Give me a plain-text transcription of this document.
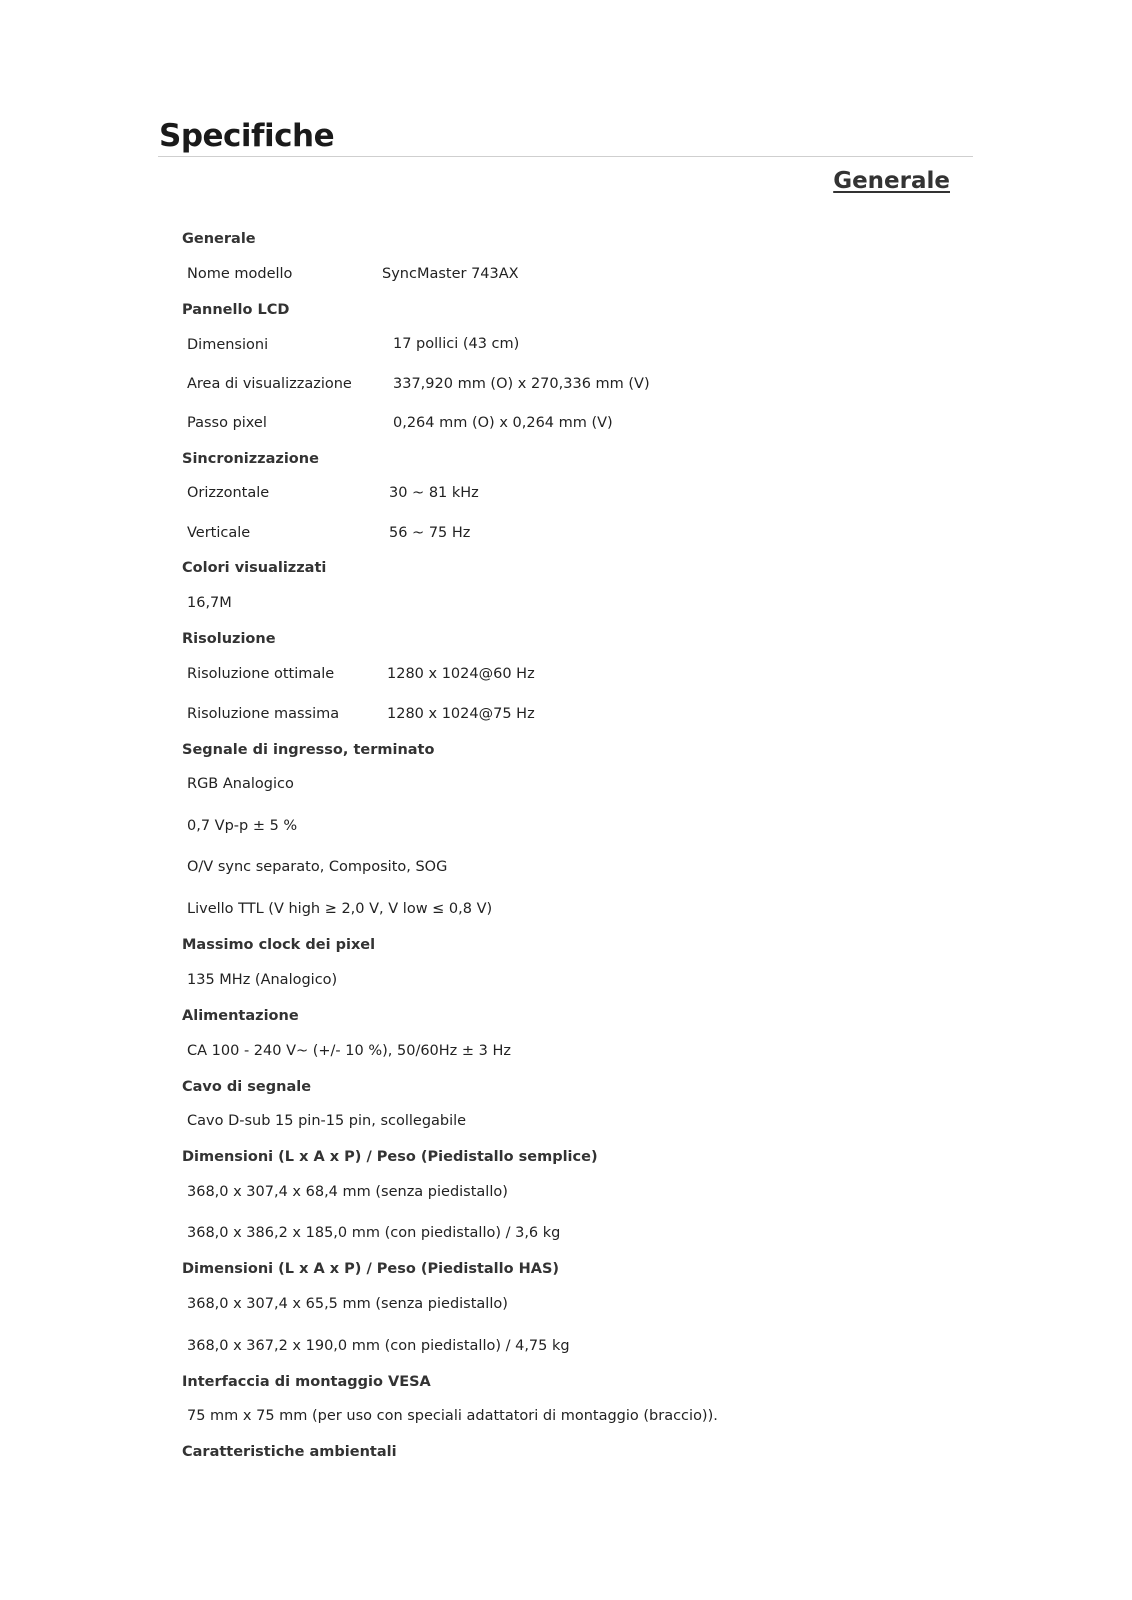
Specifiche
Generale
Generale
Nome modello	SyncMaster 743AX
Pannello LCD
Dimensioni	17 pollici (43 cm)
Area di visualizzazione	337,920 mm (O) x 270,336 mm (V)
Passo pixel	0,264 mm (O) x 0,264 mm (V)
Sincronizzazione
Orizzontale	30 ~ 81 kHz
Verticale	56 ~ 75 Hz
Colori visualizzati
16,7M
Risoluzione
Risoluzione ottimale	1280 x 1024@60 Hz
Risoluzione massima	1280 x 1024@75 Hz
Segnale di ingresso, terminato
RGB Analogico
0,7 Vp-p ± 5 %
O/V sync separato, Composito, SOG
Livello TTL (V high ≥ 2,0 V, V low ≤ 0,8 V)
Massimo clock dei pixel
135 MHz (Analogico)
Alimentazione
CA 100 - 240 V~ (+/- 10 %), 50/60Hz ± 3 Hz
Cavo di segnale
Cavo D-sub 15 pin-15 pin, scollegabile
Dimensioni (L x A x P) / Peso (Piedistallo semplice)
368,0 x 307,4 x 68,4 mm (senza piedistallo)
368,0 x 386,2 x 185,0 mm (con piedistallo) / 3,6 kg
Dimensioni (L x A x P) / Peso (Piedistallo HAS)
368,0 x 307,4 x 65,5 mm (senza piedistallo)
368,0 x 367,2 x 190,0 mm (con piedistallo) / 4,75 kg
Interfaccia di montaggio VESA
75 mm x 75 mm (per uso con speciali adattatori di montaggio (braccio)).
Caratteristiche ambientali
